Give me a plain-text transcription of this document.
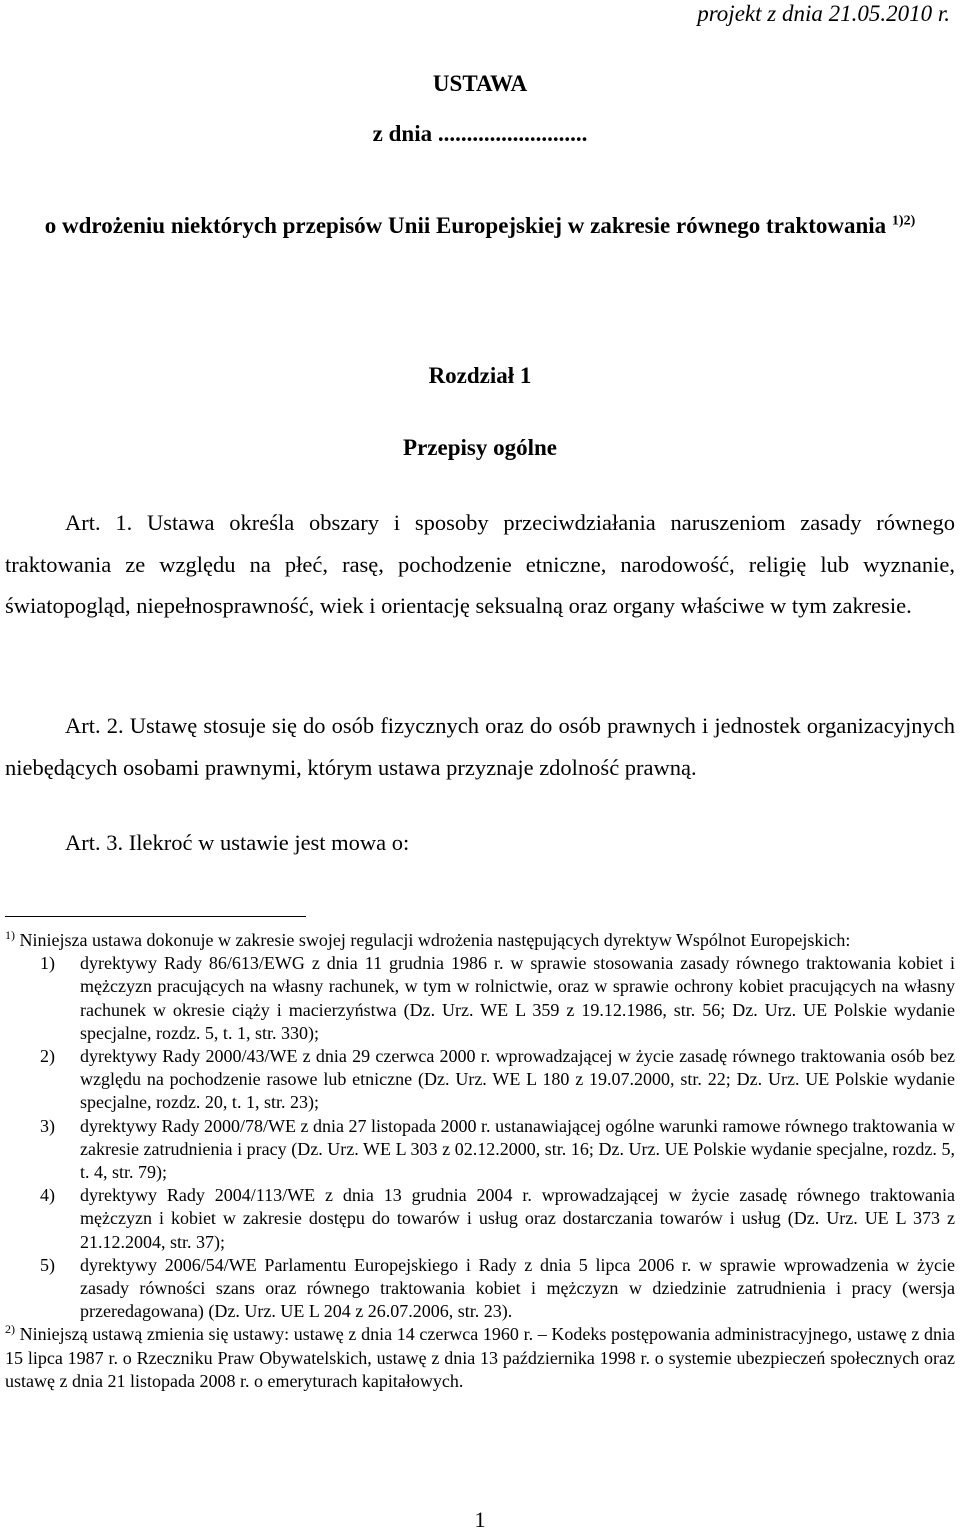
projekt z dnia 21.05.2010 r.
USTAWA
z dnia ..........................
o wdrożeniu niektórych przepisów Unii Europejskiej w zakresie równego traktowania $^{1)2)}$
Rozdział 1
Przepisy ogólne
Art. 1. Ustawa określa obszary i sposoby przeciwdziałania naruszeniom zasady równego traktowania ze względu na płeć, rasę, pochodzenie etniczne, narodowość, religię lub wyznanie, światopogląd, niepełnosprawność, wiek i orientację seksualną oraz organy właściwe w tym zakresie.
Art. 2. Ustawę stosuje się do osób fizycznych oraz do osób prawnych i jednostek organizacyjnych niebędących osobami prawnymi, którym ustawa przyznaje zdolność prawną.
Art. 3. Ilekroć w ustawie jest mowa o:

$^{1)}$ Niniejsza ustawa dokonuje w zakresie swojej regulacji wdrożenia następujących dyrektyw Wspólnot Europejskich:

1) dyrektywy Rady 86/613/EWG z dnia 11 grudnia 1986 r. w sprawie stosowania zasady równego traktowania kobiet i mężczyzn pracujących na własny rachunek, w tym w rolnictwie, oraz w sprawie ochrony kobiet pracujących na własny rachunek w okresie ciąży i macierzyństwa (Dz. Urz. WE L 359 z 19.12.1986, str. 56; Dz. Urz. UE Polskie wydanie specjalne, rozdz. 5, t. 1, str. 330);
2) dyrektywy Rady 2000/43/WE z dnia 29 czerwca 2000 r. wprowadzającej w życie zasadę równego traktowania osób bez względu na pochodzenie rasowe lub etniczne (Dz. Urz. WE L 180 z 19.07.2000, str. 22; Dz. Urz. UE Polskie wydanie specjalne, rozdz. 20, t. 1, str. 23);
3) dyrektywy Rady 2000/78/WE z dnia 27 listopada 2000 r. ustanawiającej ogólne warunki ramowe równego traktowania w zakresie zatrudnienia i pracy (Dz. Urz. WE L 303 z 02.12.2000, str. 16; Dz. Urz. UE Polskie wydanie specjalne, rozdz. 5, t. 4, str. 79);
4) dyrektywy Rady 2004/113/WE z dnia 13 grudnia 2004 r. wprowadzającej w życie zasadę równego traktowania mężczyzn i kobiet w zakresie dostępu do towarów i usług oraz dostarczania towarów i usług (Dz. Urz. UE L 373 z 21.12.2004, str. 37);
5) dyrektywy 2006/54/WE Parlamentu Europejskiego i Rady z dnia 5 lipca 2006 r. w sprawie wprowadzenia w życie zasady równości szans oraz równego traktowania kobiet i mężczyzn w dziedzinie zatrudnienia i pracy (wersja przeredagowana) (Dz. Urz. UE L 204 z 26.07.2006, str. 23).

$^{2)}$ Niniejszą ustawą zmienia się ustawy: ustawę z dnia 14 czerwca 1960 r. – Kodeks postępowania administracyjnego, ustawę z dnia 15 lipca 1987 r. o Rzeczniku Praw Obywatelskich, ustawę z dnia 13 października 1998 r. o systemie ubezpieczeń społecznych oraz ustawę z dnia 21 listopada 2008 r. o emeryturach kapitałowych.

1
